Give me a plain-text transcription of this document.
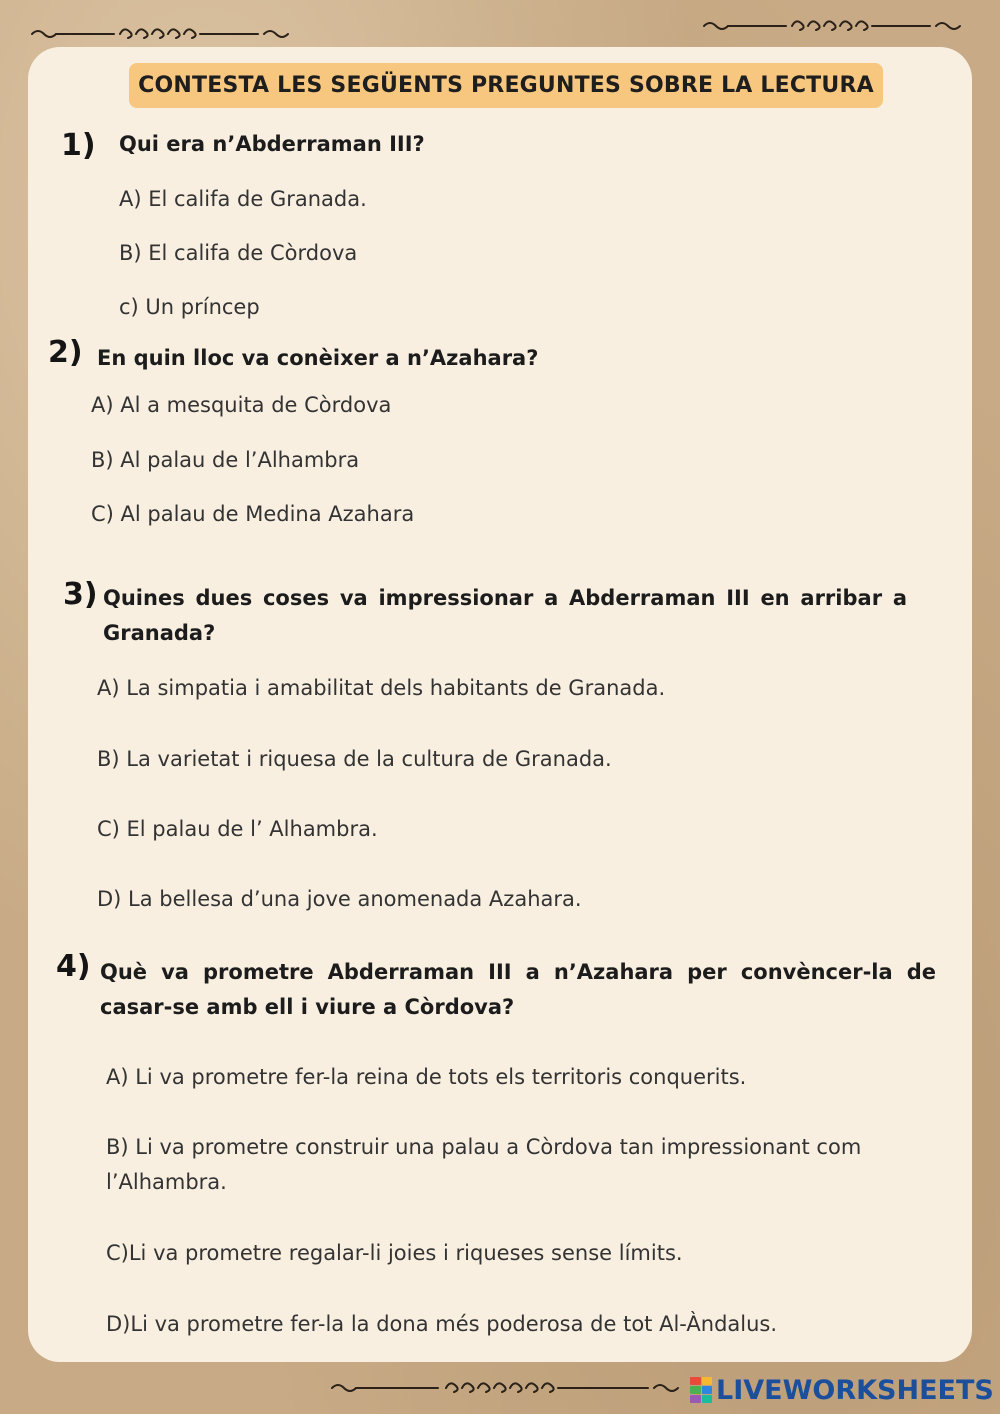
CONTESTA LES SEGÜENTS PREGUNTES SOBRE LA LECTURA
1) Qui era n’Abderraman III?
A) El califa de Granada.
B) El califa de Còrdova
c) Un príncep
2) En quin lloc va conèixer a n’Azahara?
A) Al a mesquita de Còrdova
B) Al palau de l’Alhambra
C) Al palau de Medina Azahara
3) Quines dues coses va impressionar a Abderraman III en arribar a Granada?
A) La simpatia i amabilitat dels habitants de Granada.
B) La varietat i riquesa de la cultura de Granada.
C) El palau de l’ Alhambra.
D) La bellesa d’una jove anomenada Azahara.
4) Què va prometre Abderraman III a n’Azahara per convèncer-la de casar-se amb ell i viure a Còrdova?
A) Li va prometre fer-la reina de tots els territoris conquerits.
B) Li va prometre construir una palau a Còrdova tan impressionant com l’Alhambra.
C)Li va prometre regalar-li joies i riqueses sense límits.
D)Li va prometre fer-la la dona més poderosa de tot Al-Àndalus.
LIVEWORKSHEETS
